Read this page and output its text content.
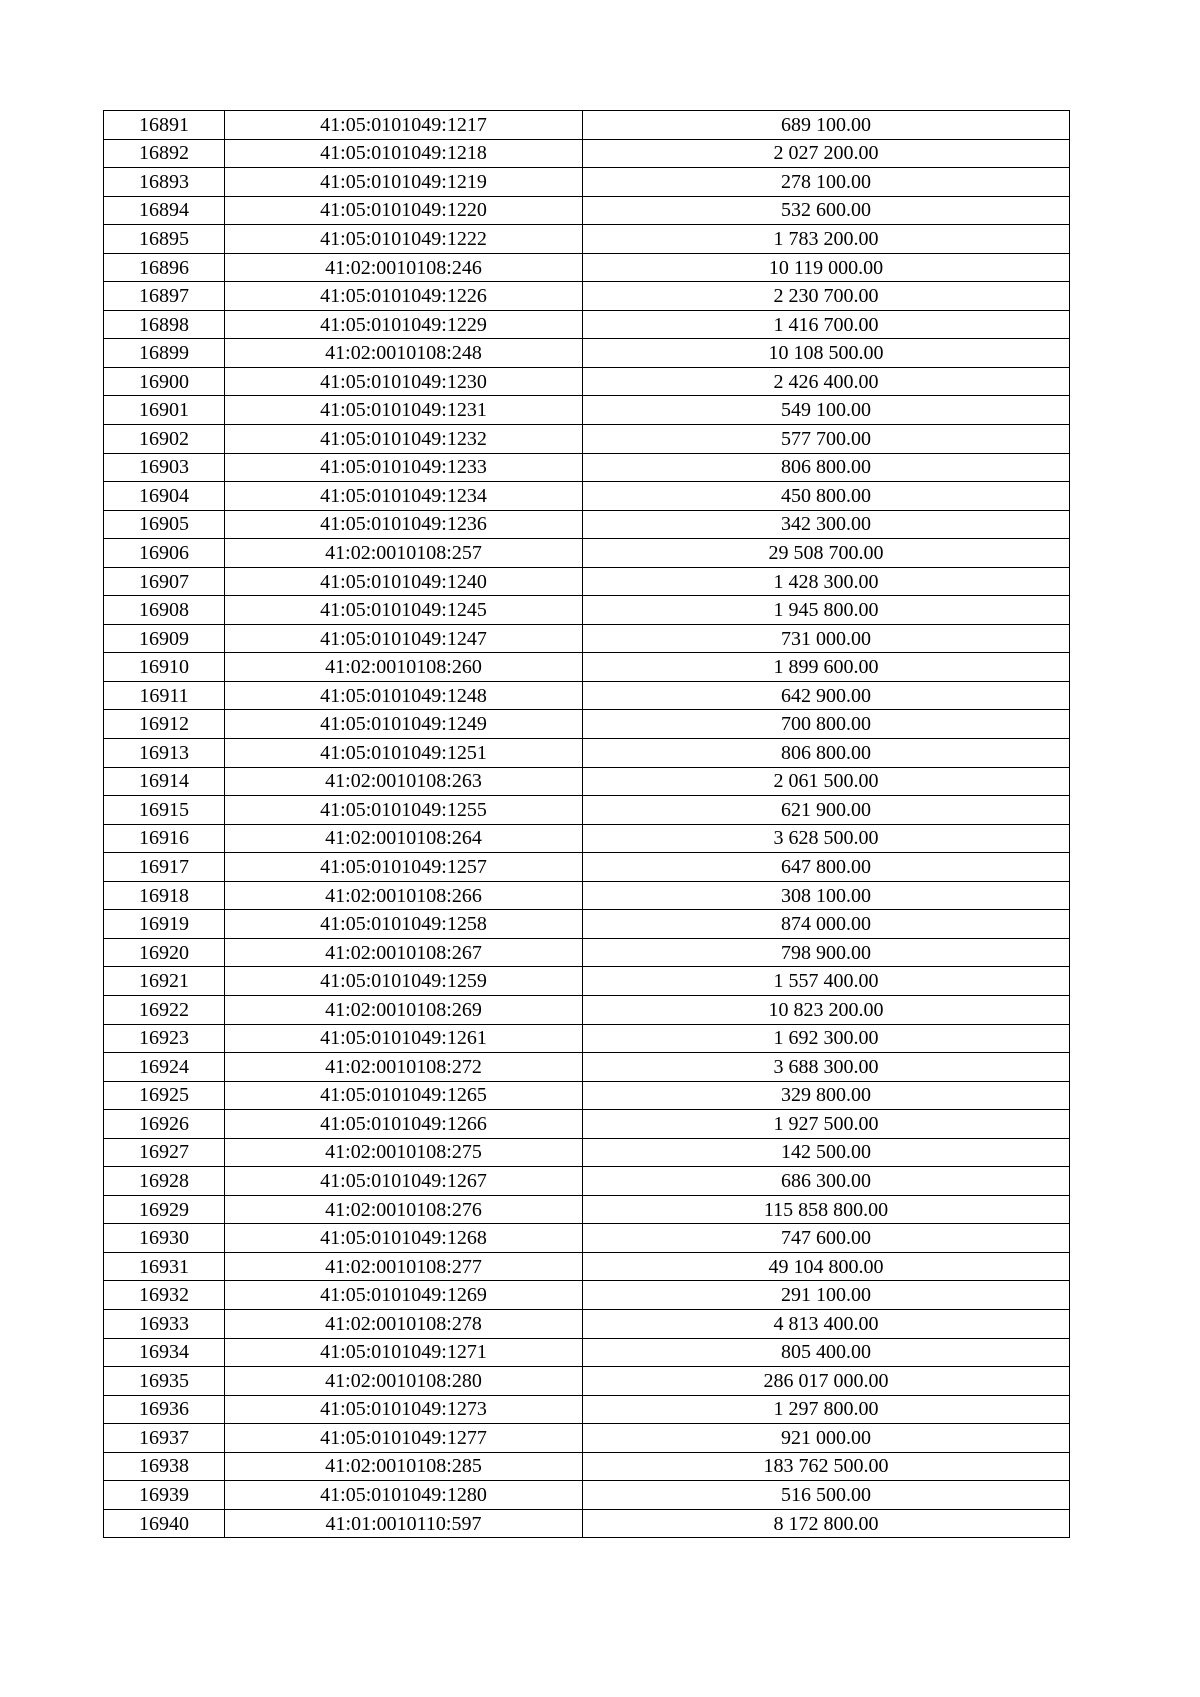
16891	41:05:0101049:1217	689 100.00
16892	41:05:0101049:1218	2 027 200.00
16893	41:05:0101049:1219	278 100.00
16894	41:05:0101049:1220	532 600.00
16895	41:05:0101049:1222	1 783 200.00
16896	41:02:0010108:246	10 119 000.00
16897	41:05:0101049:1226	2 230 700.00
16898	41:05:0101049:1229	1 416 700.00
16899	41:02:0010108:248	10 108 500.00
16900	41:05:0101049:1230	2 426 400.00
16901	41:05:0101049:1231	549 100.00
16902	41:05:0101049:1232	577 700.00
16903	41:05:0101049:1233	806 800.00
16904	41:05:0101049:1234	450 800.00
16905	41:05:0101049:1236	342 300.00
16906	41:02:0010108:257	29 508 700.00
16907	41:05:0101049:1240	1 428 300.00
16908	41:05:0101049:1245	1 945 800.00
16909	41:05:0101049:1247	731 000.00
16910	41:02:0010108:260	1 899 600.00
16911	41:05:0101049:1248	642 900.00
16912	41:05:0101049:1249	700 800.00
16913	41:05:0101049:1251	806 800.00
16914	41:02:0010108:263	2 061 500.00
16915	41:05:0101049:1255	621 900.00
16916	41:02:0010108:264	3 628 500.00
16917	41:05:0101049:1257	647 800.00
16918	41:02:0010108:266	308 100.00
16919	41:05:0101049:1258	874 000.00
16920	41:02:0010108:267	798 900.00
16921	41:05:0101049:1259	1 557 400.00
16922	41:02:0010108:269	10 823 200.00
16923	41:05:0101049:1261	1 692 300.00
16924	41:02:0010108:272	3 688 300.00
16925	41:05:0101049:1265	329 800.00
16926	41:05:0101049:1266	1 927 500.00
16927	41:02:0010108:275	142 500.00
16928	41:05:0101049:1267	686 300.00
16929	41:02:0010108:276	115 858 800.00
16930	41:05:0101049:1268	747 600.00
16931	41:02:0010108:277	49 104 800.00
16932	41:05:0101049:1269	291 100.00
16933	41:02:0010108:278	4 813 400.00
16934	41:05:0101049:1271	805 400.00
16935	41:02:0010108:280	286 017 000.00
16936	41:05:0101049:1273	1 297 800.00
16937	41:05:0101049:1277	921 000.00
16938	41:02:0010108:285	183 762 500.00
16939	41:05:0101049:1280	516 500.00
16940	41:01:0010110:597	8 172 800.00
